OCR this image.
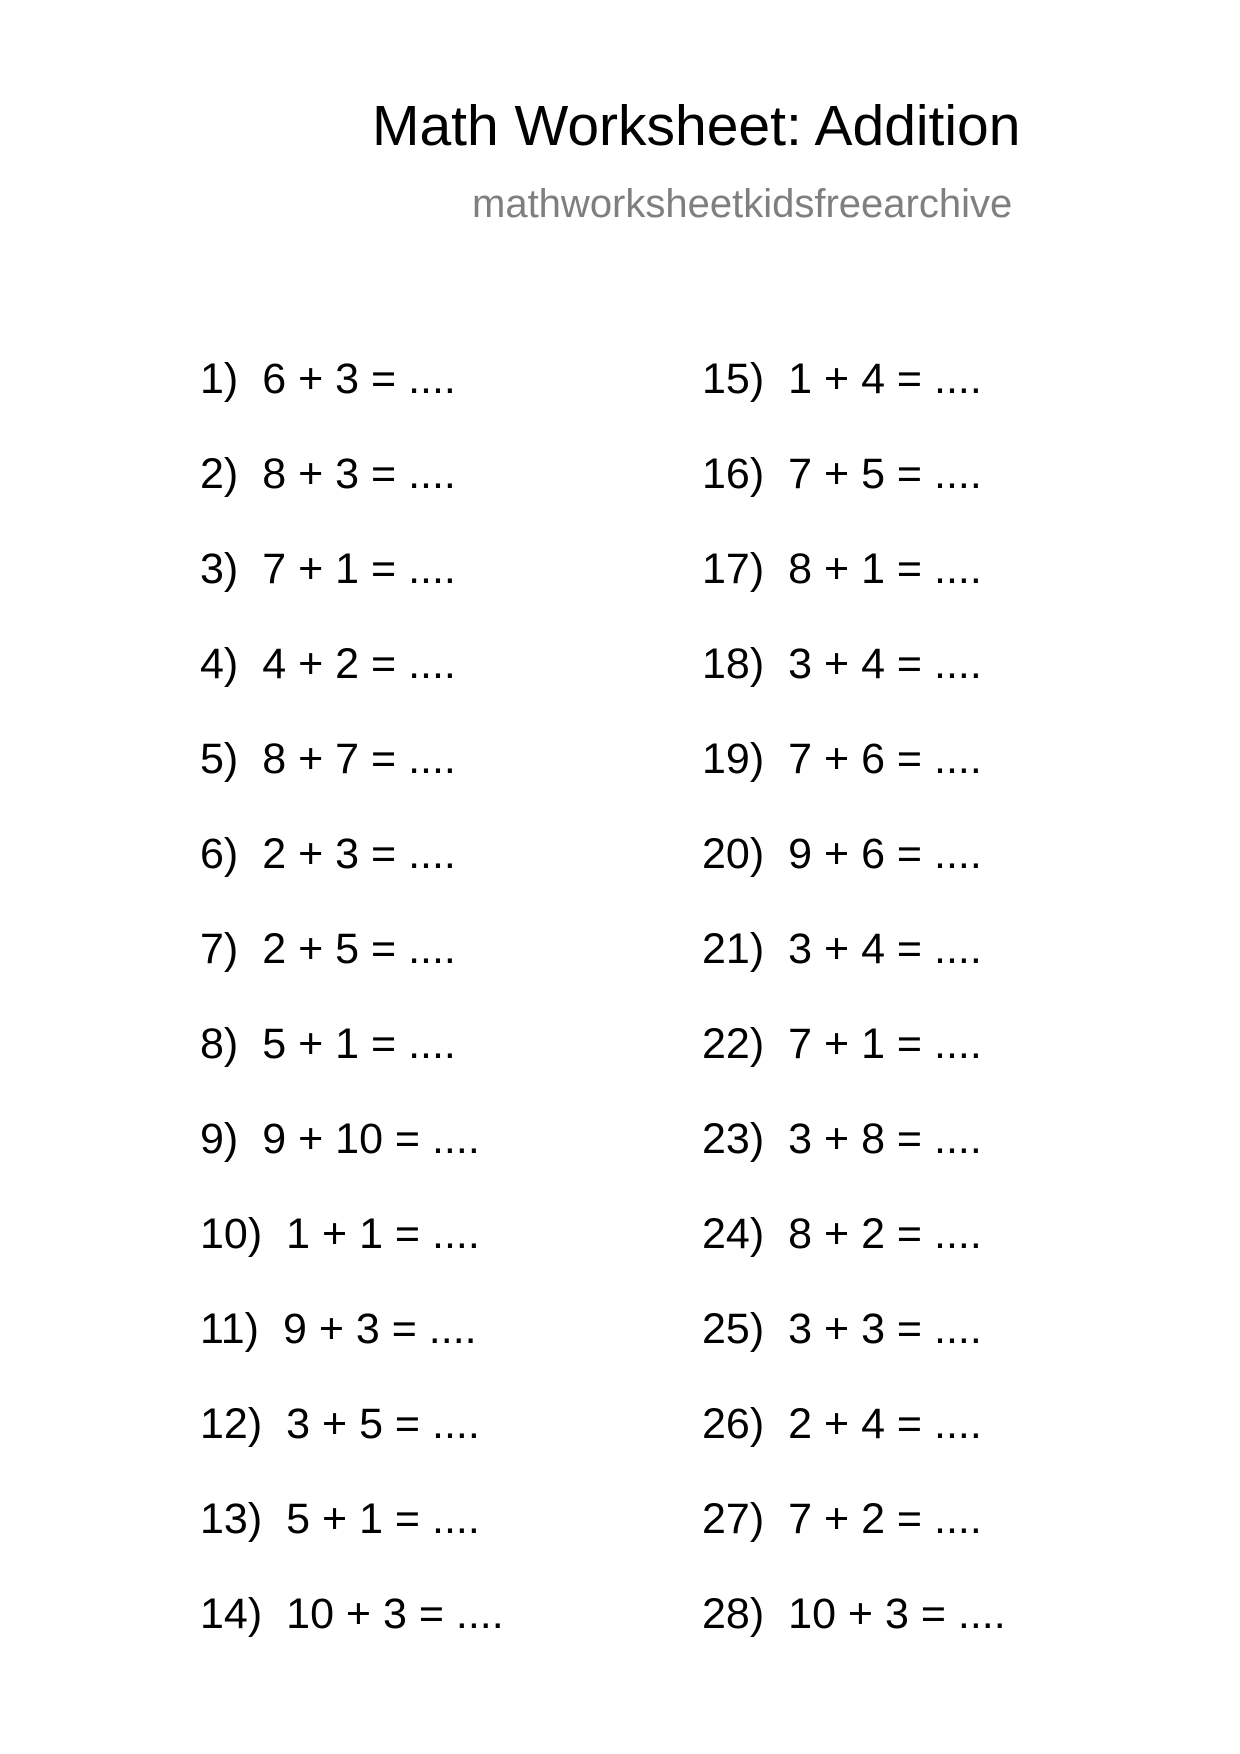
Math Worksheet: Addition
mathworksheetkidsfreearchive
1) 6 + 3 = ....
2) 8 + 3 = ....
3) 7 + 1 = ....
4) 4 + 2 = ....
5) 8 + 7 = ....
6) 2 + 3 = ....
7) 2 + 5 = ....
8) 5 + 1 = ....
9) 9 + 10 = ....
10) 1 + 1 = ....
11) 9 + 3 = ....
12) 3 + 5 = ....
13) 5 + 1 = ....
14) 10 + 3 = ....
15) 1 + 4 = ....
16) 7 + 5 = ....
17) 8 + 1 = ....
18) 3 + 4 = ....
19) 7 + 6 = ....
20) 9 + 6 = ....
21) 3 + 4 = ....
22) 7 + 1 = ....
23) 3 + 8 = ....
24) 8 + 2 = ....
25) 3 + 3 = ....
26) 2 + 4 = ....
27) 7 + 2 = ....
28) 10 + 3 = ....
